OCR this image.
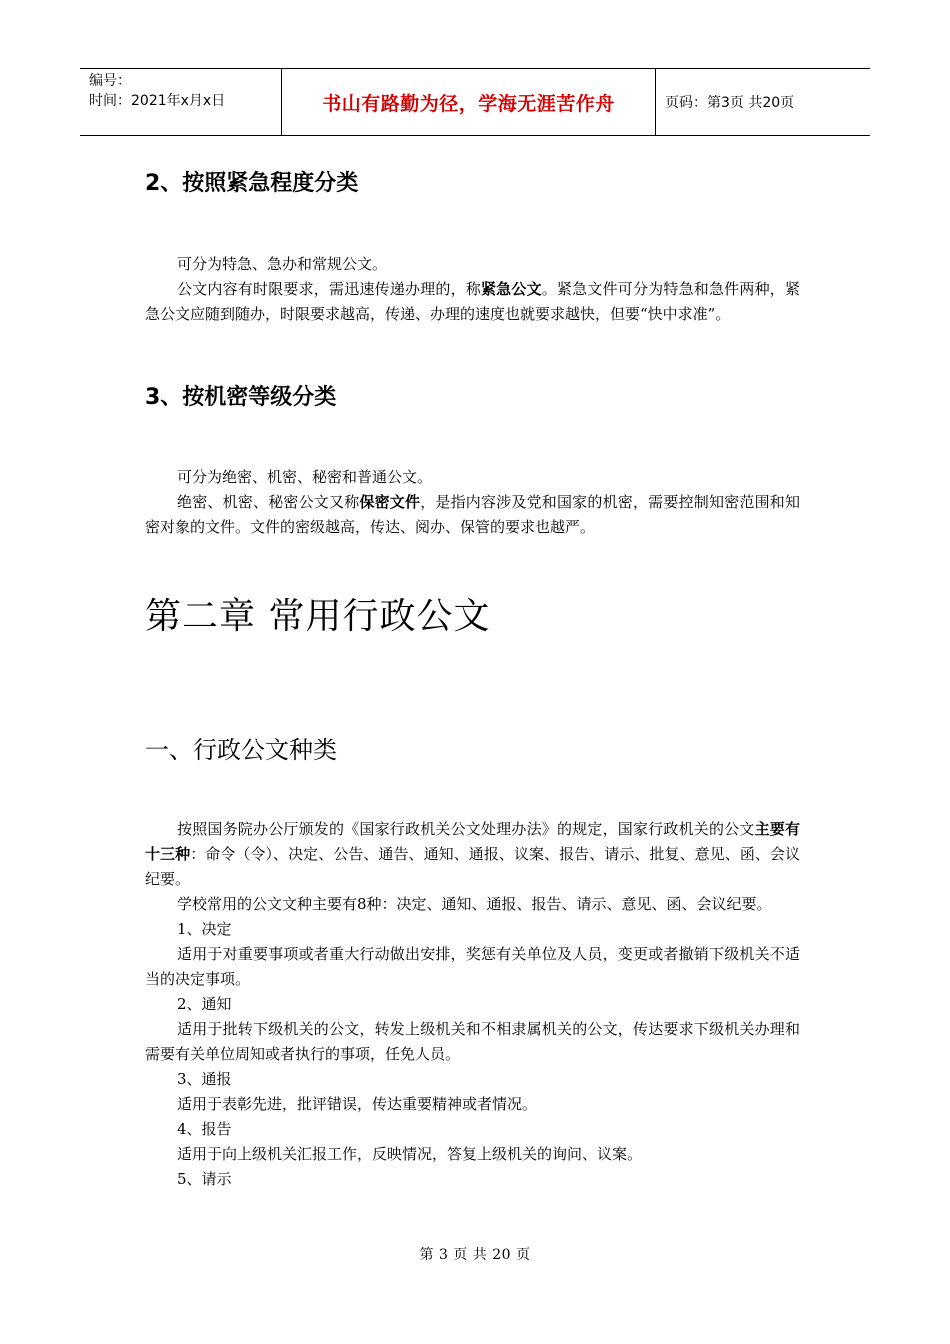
编号：
时间：2021年x月x日	书山有路勤为径，学海无涯苦作舟	页码：第3页 共20页
2、按照紧急程度分类

可分为特急、急办和常规公文。

公文内容有时限要求，需迅速传递办理的，称紧急公文。紧急文件可分为特急和急件两种，紧急公文应随到随办，时限要求越高，传递、办理的速度也就要求越快，但要“快中求准”。

3、按机密等级分类

可分为绝密、机密、秘密和普通公文。

绝密、机密、秘密公文又称保密文件，是指内容涉及党和国家的机密，需要控制知密范围和知密对象的文件。文件的密级越高，传达、阅办、保管的要求也越严。

第二章 常用行政公文
一、行政公文种类

按照国务院办公厅颁发的《国家行政机关公文处理办法》的规定，国家行政机关的公文主要有十三种：命令（令）、决定、公告、通告、通知、通报、议案、报告、请示、批复、意见、函、会议纪要。

学校常用的公文文种主要有8种：决定、通知、通报、报告、请示、意见、函、会议纪要。

1、决定

适用于对重要事项或者重大行动做出安排，奖惩有关单位及人员，变更或者撤销下级机关不适当的决定事项。

2、通知

适用于批转下级机关的公文，转发上级机关和不相隶属机关的公文，传达要求下级机关办理和需要有关单位周知或者执行的事项，任免人员。

3、通报

适用于表彰先进，批评错误，传达重要精神或者情况。

4、报告

适用于向上级机关汇报工作，反映情况，答复上级机关的询问、议案。

5、请示

第 3 页 共 20 页
